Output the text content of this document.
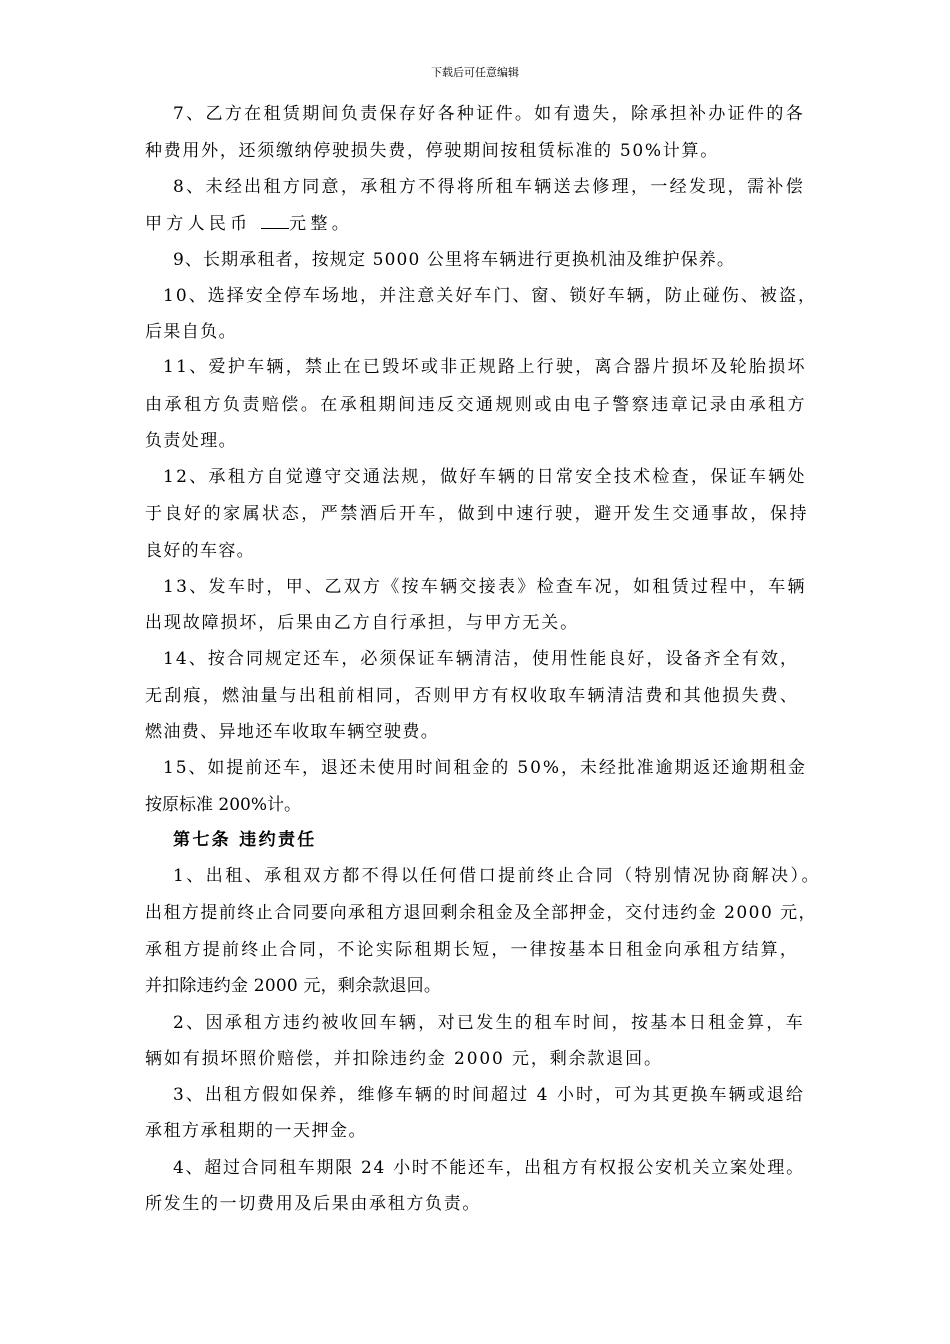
下载后可任意编辑
7、乙方在租赁期间负责保存好各种证件。如有遗失，除承担补办证件的各
种费用外，还须缴纳停驶损失费，停驶期间按租赁标准的 50%计算。
8、未经出租方同意，承租方不得将所租车辆送去修理，一经发现，需补偿
甲方人民币 元整。
9、长期承租者，按规定 5000 公里将车辆进行更换机油及维护保养。
10、选择安全停车场地，并注意关好车门、窗、锁好车辆，防止碰伤、被盗，
后果自负。
11、爱护车辆，禁止在已毁坏或非正规路上行驶，离合器片损坏及轮胎损坏
由承租方负责赔偿。在承租期间违反交通规则或由电子警察违章记录由承租方
负责处理。
12、承租方自觉遵守交通法规，做好车辆的日常安全技术检查，保证车辆处
于良好的家属状态，严禁酒后开车，做到中速行驶，避开发生交通事故，保持
良好的车容。
13、发车时，甲、乙双方《按车辆交接表》检查车况，如租赁过程中，车辆
出现故障损坏，后果由乙方自行承担，与甲方无关。
14、按合同规定还车，必须保证车辆清洁，使用性能良好，设备齐全有效，
无刮痕，燃油量与出租前相同，否则甲方有权收取车辆清洁费和其他损失费、
燃油费、异地还车收取车辆空驶费。
15、如提前还车，退还未使用时间租金的 50%，未经批准逾期返还逾期租金
按原标准 200%计。
第七条 违约责任
1、出租、承租双方都不得以任何借口提前终止合同（特别情况协商解决）。
出租方提前终止合同要向承租方退回剩余租金及全部押金，交付违约金 2000 元，
承租方提前终止合同，不论实际租期长短，一律按基本日租金向承租方结算，
并扣除违约金 2000 元，剩余款退回。
2、因承租方违约被收回车辆，对已发生的租车时间，按基本日租金算，车
辆如有损坏照价赔偿，并扣除违约金 2000 元，剩余款退回。
3、出租方假如保养，维修车辆的时间超过 4 小时，可为其更换车辆或退给
承租方承租期的一天押金。
4、超过合同租车期限 24 小时不能还车，出租方有权报公安机关立案处理。
所发生的一切费用及后果由承租方负责。
